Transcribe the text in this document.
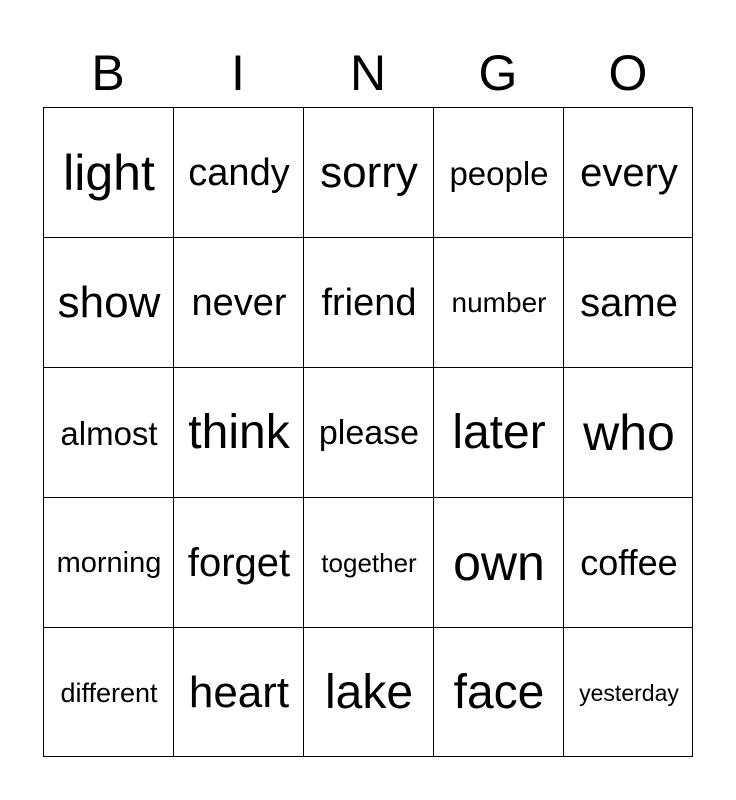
B	I	N	G	O
light candy sorry people every
show never friend	number same
almost think please later who
morning forget	together own coffee
different heart lake face	yesterday
